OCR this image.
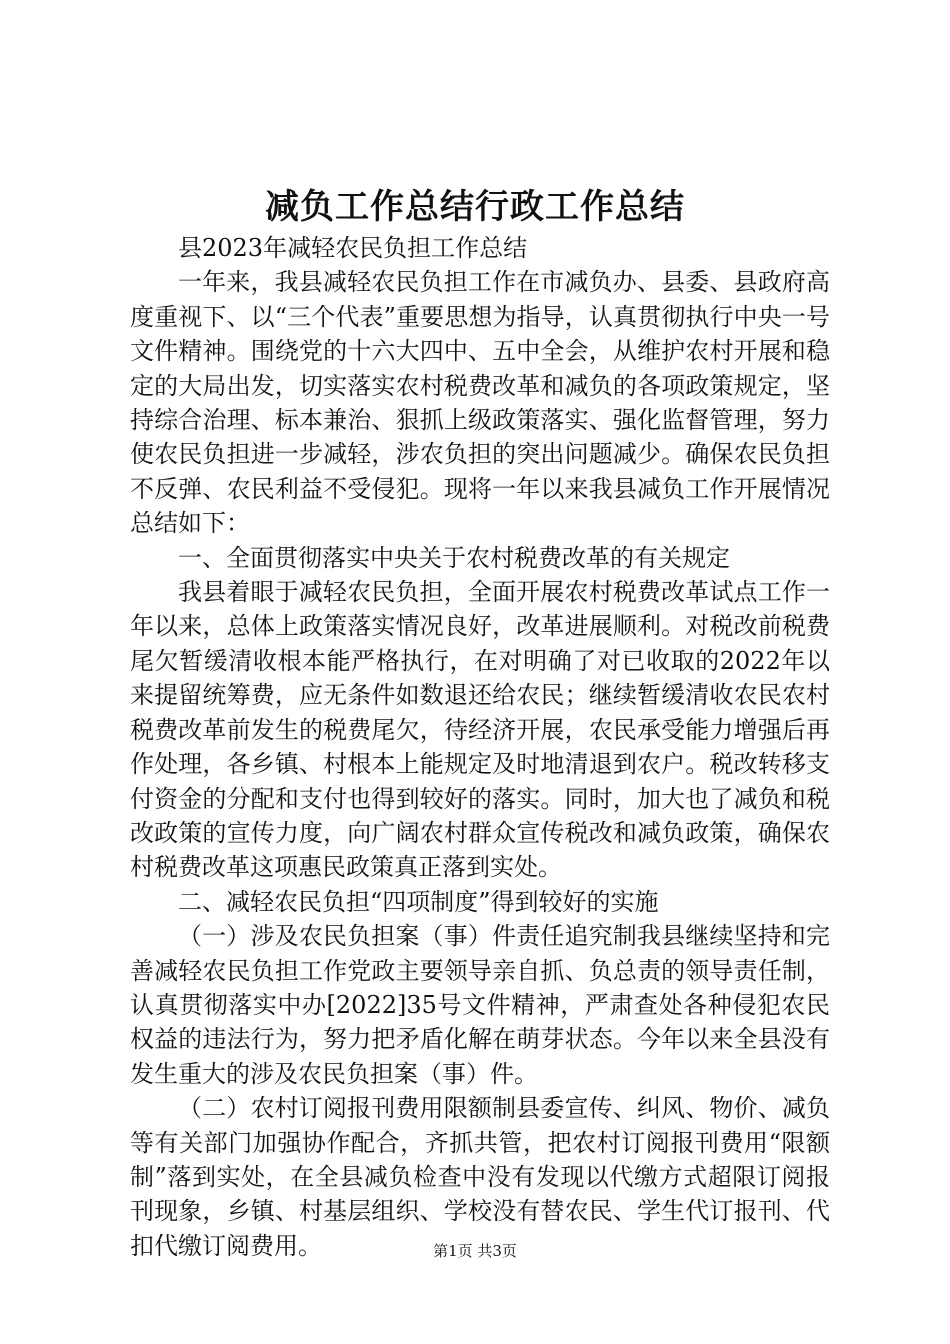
减负工作总结行政工作总结

县2023年减轻农民负担工作总结

一年来，我县减轻农民负担工作在市减负办、县委、县政府高度重视下、以“三个代表”重要思想为指导，认真贯彻执行中央一号文件精神。围绕党的十六大四中、五中全会，从维护农村开展和稳定的大局出发，切实落实农村税费改革和减负的各项政策规定，坚持综合治理、标本兼治、狠抓上级政策落实、强化监督管理，努力使农民负担进一步减轻，涉农负担的突出问题减少。确保农民负担不反弹、农民利益不受侵犯。现将一年以来我县减负工作开展情况总结如下：

一、全面贯彻落实中央关于农村税费改革的有关规定

我县着眼于减轻农民负担，全面开展农村税费改革试点工作一年以来，总体上政策落实情况良好，改革进展顺利。对税改前税费尾欠暂缓清收根本能严格执行，在对明确了对已收取的2022年以来提留统筹费，应无条件如数退还给农民；继续暂缓清收农民农村税费改革前发生的税费尾欠，待经济开展，农民承受能力增强后再作处理，各乡镇、村根本上能规定及时地清退到农户。税改转移支付资金的分配和支付也得到较好的落实。同时，加大也了减负和税改政策的宣传力度，向广阔农村群众宣传税改和减负政策，确保农村税费改革这项惠民政策真正落到实处。

二、减轻农民负担“四项制度”得到较好的实施

（一）涉及农民负担案（事）件责任追究制我县继续坚持和完善减轻农民负担工作党政主要领导亲自抓、负总责的领导责任制，认真贯彻落实中办[2022]35号文件精神，严肃查处各种侵犯农民权益的违法行为，努力把矛盾化解在萌芽状态。今年以来全县没有发生重大的涉及农民负担案（事）件。

（二）农村订阅报刊费用限额制县委宣传、纠风、物价、减负等有关部门加强协作配合，齐抓共管，把农村订阅报刊费用“限额制”落到实处，在全县减负检查中没有发现以代缴方式超限订阅报刊现象，乡镇、村基层组织、学校没有替农民、学生代订报刊、代扣代缴订阅费用。	第1页 共3页
